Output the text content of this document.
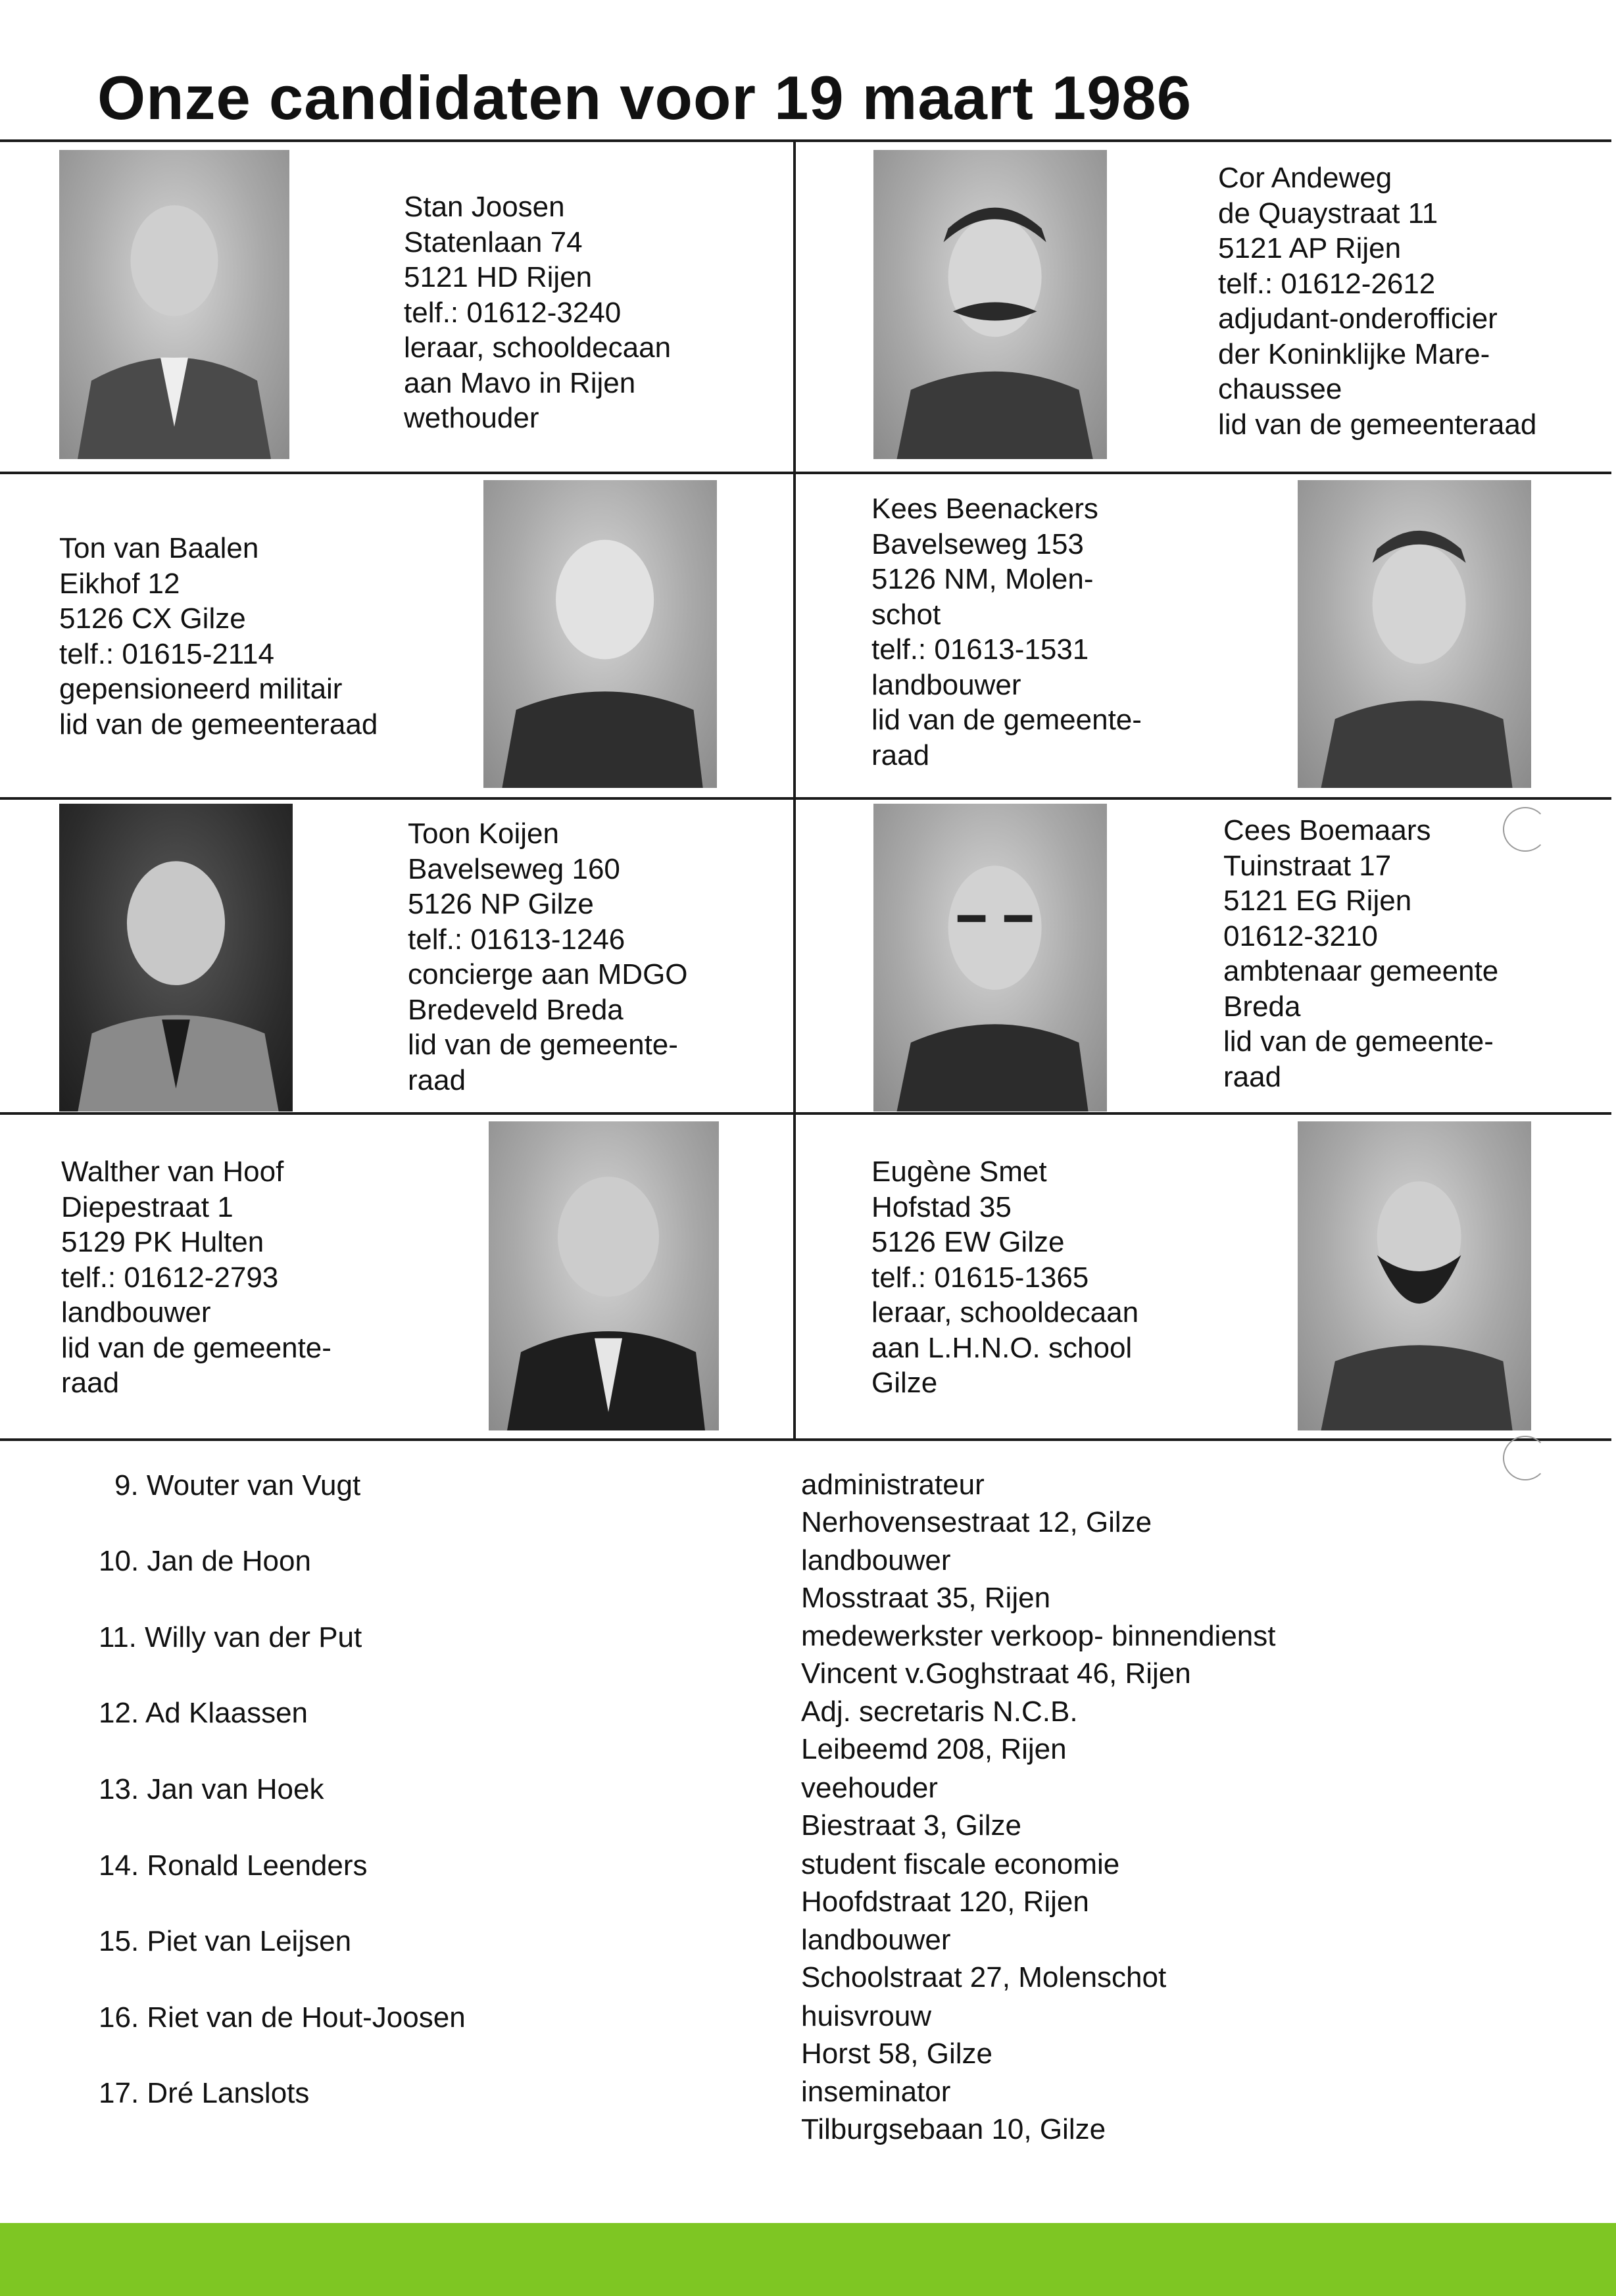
Onze candidaten voor 19 maart 1986
Stan Joosen
Statenlaan 74
5121 HD Rijen
telf.: 01612-3240
leraar, schooldecaan
aan Mavo in Rijen
wethouder
Cor Andeweg
de Quaystraat 11
5121 AP Rijen
telf.: 01612-2612
adjudant-onderofficier
der Koninklijke Mare-
chaussee
lid van de gemeenteraad
Ton van Baalen
Eikhof 12
5126 CX Gilze
telf.: 01615-2114
gepensioneerd militair
lid van de gemeenteraad
Kees Beenackers
Bavelseweg 153
5126 NM, Molen-
schot
telf.: 01613-1531
landbouwer
lid van de gemeente-
raad
Toon Koijen
Bavelseweg 160
5126 NP Gilze
telf.: 01613-1246
concierge aan MDGO
Bredeveld Breda
lid van de gemeente-
raad
Cees Boemaars
Tuinstraat 17
5121 EG Rijen
01612-3210
ambtenaar gemeente
Breda
lid van de gemeente-
raad
Walther van Hoof
Diepestraat 1
5129 PK Hulten
telf.: 01612-2793
landbouwer
lid van de gemeente-
raad
Eugène Smet
Hofstad 35
5126 EW Gilze
telf.: 01615-1365
leraar, schooldecaan
aan L.H.N.O. school
Gilze
9. Wouter van Vugt	administrateur
Nerhovensestraat 12, Gilze
10. Jan de Hoon	landbouwer
Mosstraat 35, Rijen
11. Willy van der Put	medewerkster verkoop- binnendienst
Vincent v.Goghstraat 46, Rijen
12. Ad Klaassen	Adj. secretaris N.C.B.
Leibeemd 208, Rijen
13. Jan van Hoek	veehouder
Biestraat 3, Gilze
14. Ronald Leenders	student fiscale economie
Hoofdstraat 120, Rijen
15. Piet van Leijsen	landbouwer
Schoolstraat 27, Molenschot
16. Riet van de Hout-Joosen	huisvrouw
Horst 58, Gilze
17. Dré Lanslots	inseminator
Tilburgsebaan 10, Gilze
